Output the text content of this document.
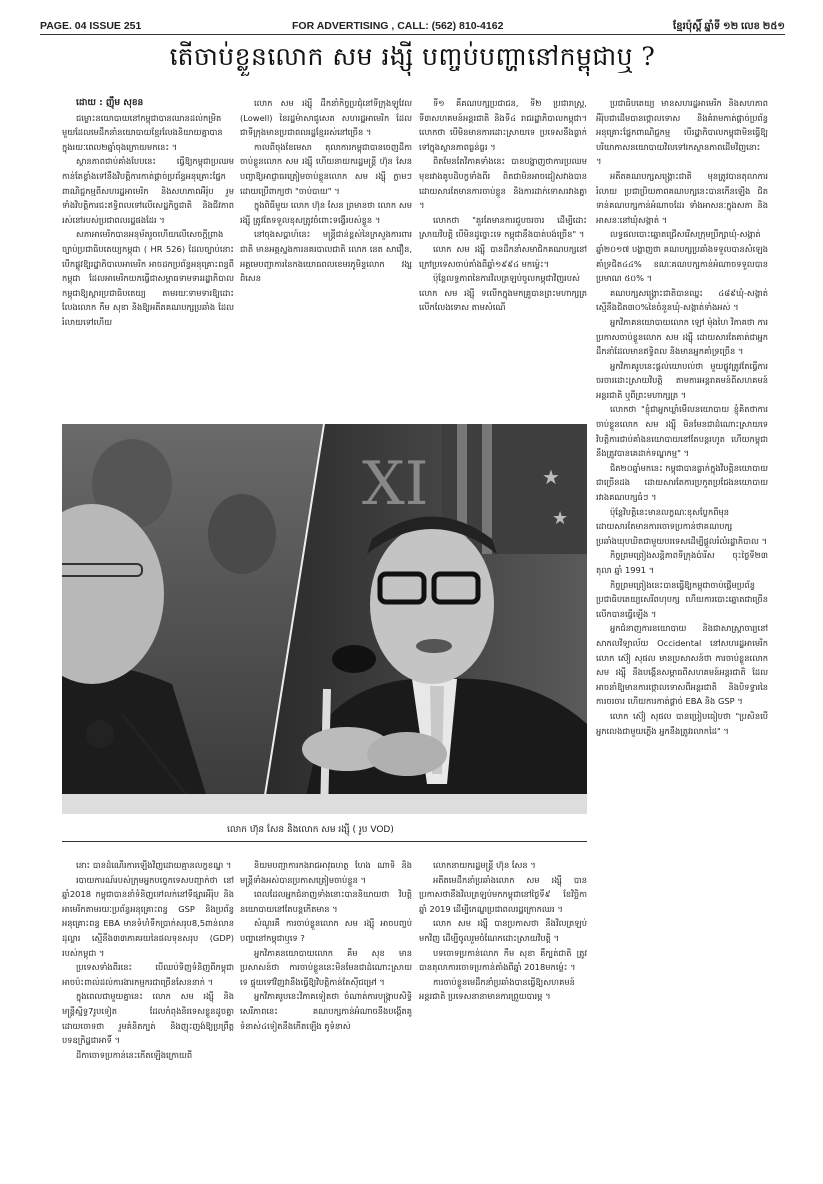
PAGE. 04 ISSUE 251	FOR ADVERTISING , CALL: (562) 810-4162	ខ្មែរប៉ុស្តិ៍ ឆ្នាំទី ១២ លេខ ២៥១
តើចាប់ខ្លួនលោក សម រង្ស៊ី បញ្ចប់បញ្ហានៅកម្ពុជាឬ ?

ដោយ : ញ៉ឹម សុខន

ជម្លោះនយោបាយនៅកម្ពុជាបានឈានដល់កម្រិតមួយដែលមេដឹកនាំនយោបាយខ្មែរលែងនិយាយគ្នាបានក្នុងរយៈពេល២ឆ្នាំចុងក្រោយមកនេះ ។

ស្ថានភាពជាប់គាំងបែបនេះ ធ្វើឱ្យកម្ពុជាប្រឈមកាន់តែខ្លាំងទៅនឹងវិបត្តិការកាត់ផ្តាច់ប្រព័ន្ធអនុគ្រោះផ្នែកពាណិជ្ជកម្មពីសហរដ្ឋអាមេរិក និងសហភាពអឺរ៉ុប រួមទាំងវិបត្តិការជះឥទ្ធិពលទៅលើសេដ្ឋកិច្ចជាតិ និងជីវភាពរស់នៅរបស់ប្រជាពលរដ្ឋផងដែរ ។

សភាអាមេរិកបានអនុម័តរួចហើយលើសេចក្តីព្រាងច្បាប់ប្រជាធិបតេយ្យកម្ពុជា ( HR 526) ដែលច្បាប់នោះ បើកផ្លូវឱ្យរដ្ឋាភិបាលអាមេរិក អាចដកប្រព័ន្ធអនុគ្រោះពន្ធពីកម្ពុជា ដែលអាមេរិកយកធ្វើជាសម្ពាធទាមទាររដ្ឋាភិបាលកម្ពុជាឱ្យស្តារប្រជាធិបតេយ្យ តាមរយៈទាមទារឱ្យដោះលែងលោក កឹម សុខា និងឱ្យអតីតគណបក្សប្រឆាំង ដែលរំលាយទៅហើយ

លោក សម រង្ស៊ី ដឹកនាំកិច្ចប្រជុំនៅទីក្រុងឡូវែល (Lowell) នៃរដ្ឋម៉ាសាជូសេត សហរដ្ឋអាមេរិក ដែលជាទីក្រុងមានប្រជាពលរដ្ឋខ្មែររស់នៅច្រើន ។

កាលពីចុងខែមេសា តុលាការកម្ពុជាបានចេញដីកាចាប់ខ្លួនលោក សម រង្ស៊ី ហើយនាយករដ្ឋមន្ត្រី ហ៊ុន សែន បញ្ជាឱ្យអាជ្ញាធរត្រៀមចាប់ខ្លួនលោក សម រង្ស៊ី ភ្លាមៗ ដោយប្រើពាក្យថា "ចាប់បាយ" ។

ក្នុងពិធីមួយ លោក ហ៊ុន សែន ព្រមានថា លោក សម រង្ស៊ី ត្រូវតែទទួលខុសត្រូវចំពោះទង្វើរបស់ខ្លួន ។

នៅចុងសប្តាហ៍នេះ មន្ត្រីជាន់ខ្ពស់នៃក្រសួងការពារជាតិ មានអគ្គស្នងការនគរបាលជាតិ លោក នេត សាវឿន, អគ្គមេបញ្ជាការនៃកងយោធពលខេមរភូមិន្ទលោក វង្ស ពិសេន

ទី១ គឺគណបក្សប្រជាជន, ទី២ ប្រជារាស្ត្រ, ទី៣សហគមន៍អន្តរជាតិ និងទី៤ រាជរដ្ឋាភិបាលកម្ពុជា។ លោកថា បើមិនមានការដោះស្រាយទេ ប្រទេសនឹងធ្លាក់ទៅក្នុងស្ថានភាពធ្ងន់ធ្ងរ ។

ពិតមែនតែវិភាគទាំងនេះ បានបង្ហាញថាការប្រឈមមុខរវាងគូបដិបក្ខទាំងពីរ ពិតជាមិនអាចជៀសវាងបាន ដោយសារតែមានការចាប់ខ្លួន និងការដាក់ទោសរវាងគ្នា ។

លោកថា "គួរតែមានការជួបចរចារ ដើម្បីដោះស្រាយវិបត្តិ បើមិនដូច្នោះទេ កម្ពុជានឹងបាត់បង់ច្រើន" ។

លោក សម រង្ស៊ី បានដឹកនាំសមាជិកគណបក្សនៅក្រៅប្រទេសចាប់តាំងពីឆ្នាំ១៩៩៤ មកម្ល៉េះ។

ប៉ុន្តែលទ្ធភាពនៃការវិលត្រឡប់ចូលកម្ពុជាវិញរបស់លោក សម រង្ស៊ី ទលើកក្នុងមកគ្រូបានព្រះមហាក្សត្រលើកលែងទោស តាមសំណើ

ប្រជាធិបតេយ្យ មានសហរដ្ឋអាមេរិក និងសហភាពអឺរ៉ុបជាដើមបានថ្កោលទោស និងគំរាមកាត់ផ្តាច់ប្រព័ន្ធអនុគ្រោះផ្នែកពាណិជ្ជកម្ម បើរដ្ឋាភិបាលកម្ពុជាមិនធ្វើឱ្យបរិយាកាសនយោបាយវិលទៅរកស្ថានភាពដើមវិញនោះ ។

អតីតគណបក្សសង្គ្រោះជាតិ មុនត្រូវបានតុលាការរំលាយ ប្រជាប្រិយភាពគណបក្សនេះបានកើនឡើង ជិតទាន់គណបក្សកាន់អំណាចដែរ ទាំងអាសនៈក្នុងសភា និងអាសនៈនៅឃុំសង្កាត់ ។

លទ្ធផលបោះឆ្នោតជ្រើសរើសក្រុមប្រឹក្សាឃុំ-សង្កាត់ឆ្នាំ២០១៧ បង្ហាញថា គណបក្សប្រឆាំងទទួលបានសំឡេងគាំទ្រជិត៤៤% ខណៈគណបក្សកាន់អំណាចទទួលបានប្រមាណ ៥០% ។

គណបក្សសង្គ្រោះជាតិបានឈ្នះ ៤៨៩ឃុំ-សង្កាត់ ស្មើនឹងជិត៣០%នៃចំនួនឃុំ-សង្កាត់ទាំងអស់ ។

អ្នកវិភាគនយោបាយលោក ឡៅ ម៉ុងហៃ វិភាគថា ការប្រកាសចាប់ខ្លួនលោក សម រង្ស៊ី ដោយសារតែគាត់ជាអ្នកដឹកនាំដែលមានឥទ្ធិពល និងមានអ្នកគាំទ្រច្រើន ។

អ្នកវិភាគរូបនេះផ្តល់យោបល់ថា មួយផ្លូវត្រូវតែធ្វើការចរចារដោះស្រាយវិបត្តិ តាមការអន្តរាគមន៍ពីសហគមន៍អន្តរជាតិ ឬពីព្រះមហាក្សត្រ ។

លោកថា "ខ្ញុំជាអ្នកឃ្លាំមើលនយោបាយ ខ្ញុំគិតថាការចាប់ខ្លួនលោក សម រង្ស៊ី មិនមែនជាដំណោះស្រាយទេ វិបត្តិការជាប់គាំងនយោបាយនៅតែបន្តរហូត ហើយកម្ពុជានឹងត្រូវបានគេដាក់ទណ្ឌកម្ម" ។

ជិត២០ឆ្នាំមកនេះ កម្ពុជាបានធ្លាក់ក្នុងវិបត្តិនយោបាយជាច្រើនដង ដោយសារតែការប្រកួតប្រជែងនយោបាយរវាងគណបក្សធំៗ ។

ប៉ុន្តែវិបត្តិនេះមានលក្ខណៈខុសប្លែកពីមុន ដោយសារតែមានការចោទប្រកាន់ថាគណបក្សប្រឆាំងឃុបឃិតជាមួយបរទេសដើម្បីផ្តួលរំលំរដ្ឋាភិបាល ។

កិច្ចព្រមព្រៀងសន្តិភាពទីក្រុងប៉ារីស ចុះថ្ងៃទី២៣ តុលា ឆ្នាំ 1991 ។

កិច្ចព្រមព្រៀងនេះបានធ្វើឱ្យកម្ពុជាចាប់ផ្តើមប្រព័ន្ធប្រជាធិបតេយ្យសេរីពហុបក្ស ហើយការបោះឆ្នោតជាច្រើនលើកបានធ្វើឡើង ។

អ្នកជំនាញការនយោបាយ និងជាសាស្ត្រាចារ្យនៅសាកលវិទ្យាល័យ Occidental នៅសហរដ្ឋអាមេរិកលោក ស៊ៀ សុផល មានប្រសាសន៍ថា ការចាប់ខ្លួនលោក សម រង្ស៊ី នឹងបង្កើនសម្ពាធពីសហគមន៍អន្តរជាតិ ដែលអាចនាំឱ្យមានការថ្កោលទោសពីអន្តរជាតិ និងបិទទ្វារនៃការចរចារ ហើយការកាត់ផ្តាច់ EBA និង GSP ។

លោក ស៊ៀ សុផល បានប្រៀបធៀបថា "ប្រសិនបើអ្នកលេងជាមួយភ្លើង អ្នកនឹងត្រូវរលាកដៃ" ។

★
★
XI
លោក ហ៊ុន សែន និងលោក សម រង្ស៊ី ( រូប VOD)

នោះ បានដំណើរការឡើងវិញដោយគ្មានលក្ខខណ្ឌ ។

របាយការណ៍របស់ក្រុមអ្នកបច្ចេកទេសបញ្ជាក់ថា នៅឆ្នាំ2018 កម្ពុជាបាននាំទំនិញទៅលក់នៅទីផ្សារអឺរ៉ុប និងអាមេរិកតាមរយៈប្រព័ន្ធអនុគ្រោះពន្ធ GSP និងប្រព័ន្ធអនុគ្រោះពន្ធ EBA មានទំហំទឹកប្រាក់សរុប8,5ពាន់លានដុល្លារ ស្មើនឹង៣៣ភាគរយនៃផលទុនសរុប (GDP) របស់កម្ពុជា ។

ប្រទេសទាំងពីរនេះ បើឈប់ទិញទំនិញពីកម្ពុជា អាចប៉ះពាល់ដល់ការងារកម្មករជាច្រើនសែននាក់ ។

ក្នុងពេលជាមួយគ្នានេះ លោក សម រង្ស៊ី និងមន្ត្រីស្និទ្ធ7រូបទៀត ដែលកំពុងនិរទេសខ្លួនដូចគ្នា ដោយចោទថា រួមគំនិតក្បត់ និងញុះញង់ឱ្យប្រព្រឹត្តបទឧក្រិដ្ឋជាអាទិ៍ ។

ដីកាចោទប្រកាន់នេះកើតឡើងក្រោយពី

និយមបញ្ជាការកងរាជអាវុធហត្ថ ហែង ណាទិ និងមន្ត្រីទាំងអស់បានប្រកាសត្រៀមចាប់ខ្លួន ។

ពេលដែលអ្នកជំនាញទាំងនោះបាននិយាយថា វិបត្តិនយោបាយនៅតែបន្តកើតមាន ។

សំណួរគឺ ការចាប់ខ្លួនលោក សម រង្ស៊ី អាចបញ្ចប់បញ្ហានៅកម្ពុជាឬទេ ?

អ្នកវិភាគនយោបាយលោក គឹម សុខ មានប្រសាសន៍ថា ការចាប់ខ្លួននេះមិនមែនជាដំណោះស្រាយទេ ផ្ទុយទៅវិញវានឹងធ្វើឱ្យវិបត្តិកាន់តែស៊ីជម្រៅ ។

អ្នកវិភាគរូបនេះវិភាគទៀតថា ចំណាត់ការបង្ក្រាបសិទ្ធិសេរីភាពនេះ គណបក្សកាន់អំណាចនឹងបង្កើតគូទំនាស់៤ទៀតនឹងកើតឡើង គូទំនាស់

លោកនាយករដ្ឋមន្ត្រី ហ៊ុន សែន ។

អតីតមេដឹកនាំប្រឆាំងលោក សម រង្ស៊ី បានប្រកាសថានឹងវិលត្រឡប់មកកម្ពុជានៅថ្ងៃទី៩ ខែវិច្ឆិកា ឆ្នាំ 2019 ដើម្បីកេណ្ឌប្រជាពលរដ្ឋក្រោកឈរ ។

លោក សម រង្ស៊ី បានប្រកាសថា នឹងវិលត្រឡប់មកវិញ ដើម្បីចូលរួមចំណែកដោះស្រាយវិបត្តិ ។

បទចោទប្រកាន់លោក កឹម សុខា គឺក្បត់ជាតិ ត្រូវបានតុលាការចោទប្រកាន់តាំងពីឆ្នាំ 2018មកម្ល៉េះ ។

ការចាប់ខ្លួនមេដឹកនាំប្រឆាំងបានធ្វើឱ្យសហគមន៍អន្តរជាតិ ប្រទេសនានាមានការព្រួយបារម្ភ ។
